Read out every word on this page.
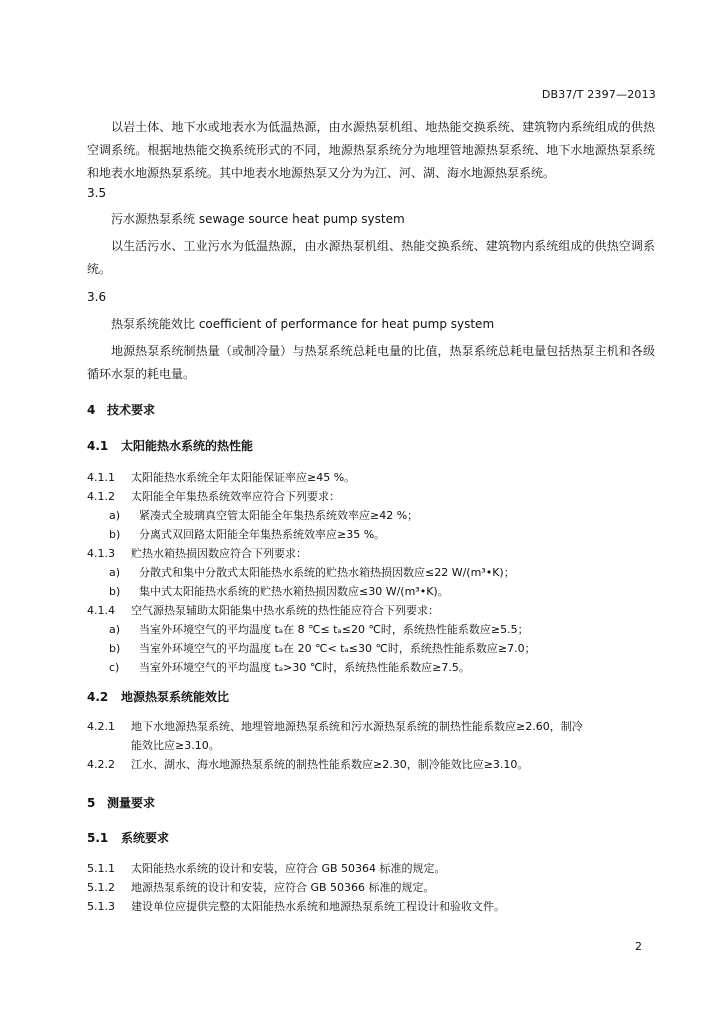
DB37/T 2397—2013
以岩土体、地下水或地表水为低温热源，由水源热泵机组、地热能交换系统、建筑物内系统组成的供热空调系统。根据地热能交换系统形式的不同，地源热泵系统分为地埋管地源热泵系统、地下水地源热泵系统和地表水地源热泵系统。其中地表水地源热泵又分为为江、河、湖、海水地源热泵系统。
3.5
污水源热泵系统 sewage source heat pump system
以生活污水、工业污水为低温热源，由水源热泵机组、热能交换系统、建筑物内系统组成的供热空调系统。
3.6
热泵系统能效比 coefficient of performance for heat pump system
地源热泵系统制热量（或制冷量）与热泵系统总耗电量的比值，热泵系统总耗电量包括热泵主机和各级循环水泵的耗电量。
4 技术要求
4.1 太阳能热水系统的热性能
4.1.1 太阳能热水系统全年太阳能保证率应≥45 %。
4.1.2 太阳能全年集热系统效率应符合下列要求：
a) 紧凑式全玻璃真空管太阳能全年集热系统效率应≥42 %；
b) 分离式双回路太阳能全年集热系统效率应≥35 %。
4.1.3 贮热水箱热损因数应符合下列要求：
a) 分散式和集中分散式太阳能热水系统的贮热水箱热损因数应≤22 W/(m³•K)；
b) 集中式太阳能热水系统的贮热水箱热损因数应≤30 W/(m³•K)。
4.1.4 空气源热泵辅助太阳能集中热水系统的热性能应符合下列要求：
a) 当室外环境空气的平均温度 tₐ在 8 ℃≤ tₐ≤20 ℃时，系统热性能系数应≥5.5；
b) 当室外环境空气的平均温度 tₐ在 20 ℃< tₐ≤30 ℃时，系统热性能系数应≥7.0；
c) 当室外环境空气的平均温度 tₐ>30 ℃时，系统热性能系数应≥7.5。
4.2 地源热泵系统能效比
4.2.1 地下水地源热泵系统、地埋管地源热泵系统和污水源热泵系统的制热性能系数应≥2.60，制冷
能效比应≥3.10。
4.2.2 江水、湖水、海水地源热泵系统的制热性能系数应≥2.30，制冷能效比应≥3.10。
5 测量要求
5.1 系统要求
5.1.1 太阳能热水系统的设计和安装，应符合 GB 50364 标准的规定。
5.1.2 地源热泵系统的设计和安装，应符合 GB 50366 标准的规定。
5.1.3 建设单位应提供完整的太阳能热水系统和地源热泵系统工程设计和验收文件。
2
